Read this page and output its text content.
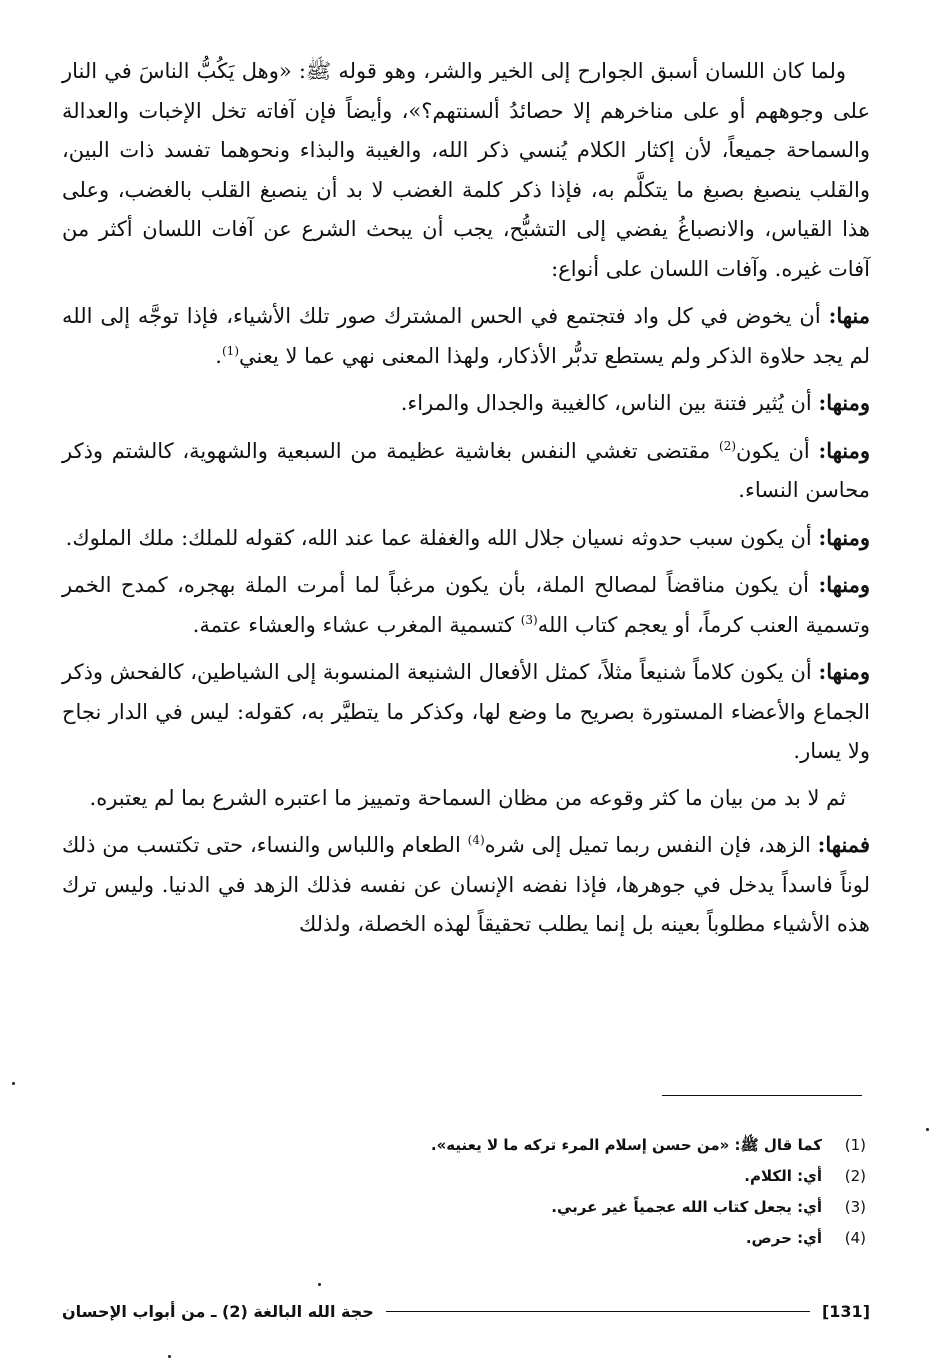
ولما كان اللسان أسبق الجوارح إلى الخير والشر، وهو قوله ﷺ: «وهل يَكُبُّ الناسَ في النار على وجوههم أو على مناخرهم إلا حصائدُ ألسنتهم؟»، وأيضاً فإن آفاته تخل الإخبات والعدالة والسماحة جميعاً، لأن إكثار الكلام يُنسي ذكر الله، والغيبة والبذاء ونحوهما تفسد ذات البين، والقلب ينصبغ بصبغ ما يتكلَّم به، فإذا ذكر كلمة الغضب لا بد أن ينصبغ القلب بالغضب، وعلى هذا القياس، والانصباغُ يفضي إلى التشبُّح، يجب أن يبحث الشرع عن آفات اللسان أكثر من آفات غيره. وآفات اللسان على أنواع:

منها: أن يخوض في كل واد فتجتمع في الحس المشترك صور تلك الأشياء، فإذا توجَّه إلى الله لم يجد حلاوة الذكر ولم يستطع تدبُّر الأذكار، ولهذا المعنى نهي عما لا يعني$^{(1)}$.

ومنها: أن يُثير فتنة بين الناس، كالغيبة والجدال والمراء.

ومنها: أن يكون$^{(2)}$ مقتضى تغشي النفس بغاشية عظيمة من السبعية والشهوية، كالشتم وذكر محاسن النساء.

ومنها: أن يكون سبب حدوثه نسيان جلال الله والغفلة عما عند الله، كقوله للملك: ملك الملوك.

ومنها: أن يكون مناقضاً لمصالح الملة، بأن يكون مرغباً لما أمرت الملة بهجره، كمدح الخمر وتسمية العنب كرماً، أو يعجم كتاب الله$^{(3)}$ كتسمية المغرب عشاء والعشاء عتمة.

ومنها: أن يكون كلاماً شنيعاً مثلاً، كمثل الأفعال الشنيعة المنسوبة إلى الشياطين، كالفحش وذكر الجماع والأعضاء المستورة بصريح ما وضع لها، وكذكر ما يتطيَّر به، كقوله: ليس في الدار نجاح ولا يسار.

ثم لا بد من بيان ما كثر وقوعه من مظان السماحة وتمييز ما اعتبره الشرع بما لم يعتبره.

فمنها: الزهد، فإن النفس ربما تميل إلى شره$^{(4)}$ الطعام واللباس والنساء، حتى تكتسب من ذلك لوناً فاسداً يدخل في جوهرها، فإذا نفضه الإنسان عن نفسه فذلك الزهد في الدنيا. وليس ترك هذه الأشياء مطلوباً بعينه بل إنما يطلب تحقيقاً لهذه الخصلة، ولذلك

(1)
كما قال ﷺ: «من حسن إسلام المرء تركه ما لا يعنيه».
(2)
أي: الكلام.
(3)
أي: يجعل كتاب الله عجمياً غير عربي.
(4)
أي: حرص.
[131]
حجة الله البالغة (2) ـ من أبواب الإحسان
